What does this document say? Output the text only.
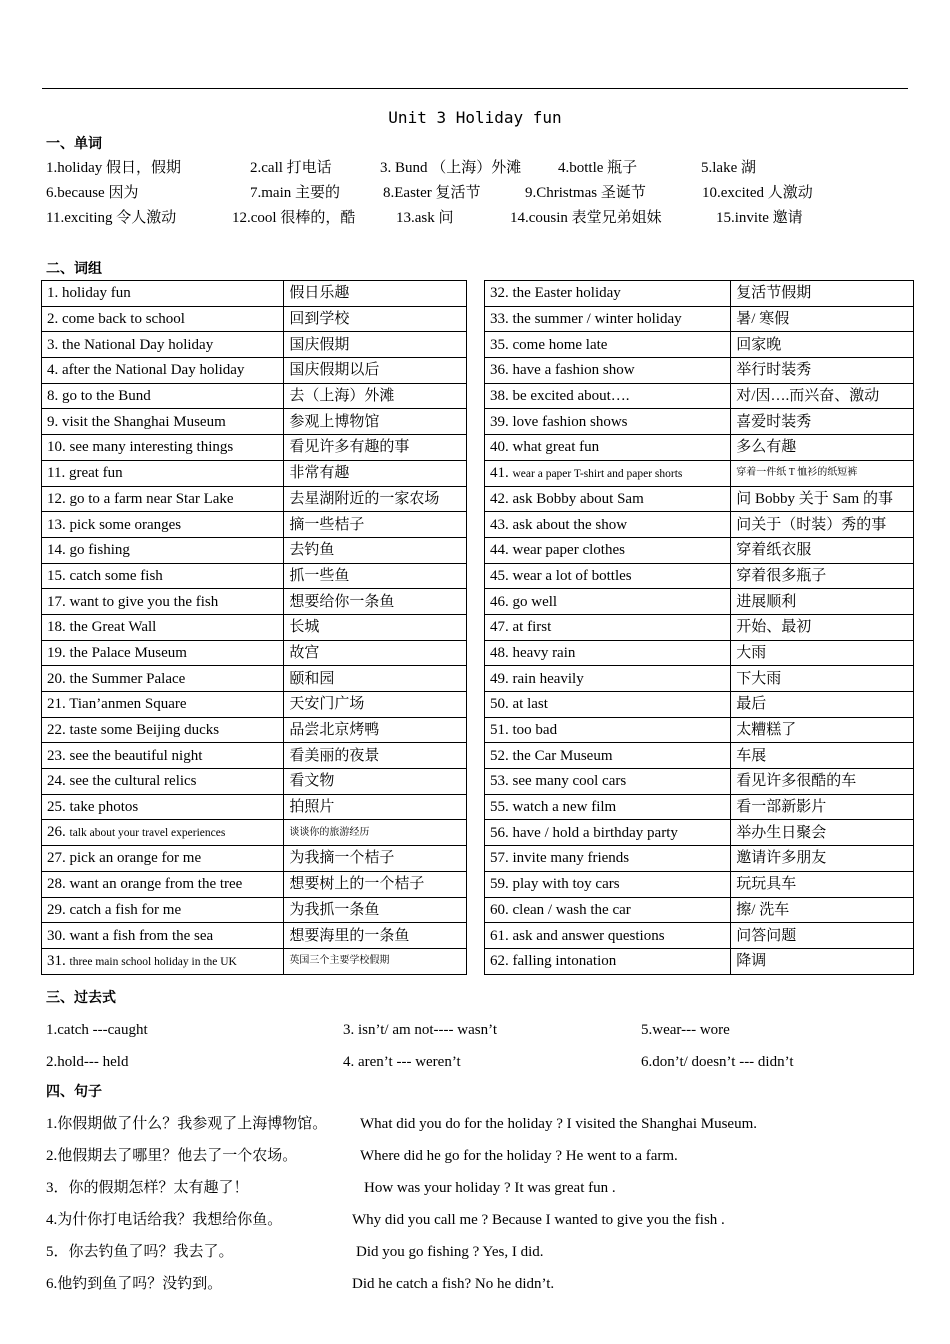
Unit 3 Holiday fun
一、单词
1.holiday 假日，假期	2.call 打电话	3. Bund （上海）外滩 4.bottle 瓶子	5.lake 湖
6.because 因为	7.main 主要的	8.Easter 复活节	9.Christmas 圣诞节	10.excited 人激动
11.exciting 令人激动	12.cool 很棒的，酷	13.ask 问	14.cousin 表堂兄弟姐妹	15.invite 邀请
二、词组
1. holiday fun	假日乐趣
2. come back to school	回到学校
3. the National Day holiday	国庆假期
4. after the National Day holiday	国庆假期以后
8. go to the Bund	去（上海）外滩
9. visit the Shanghai Museum	参观上博物馆
10. see many interesting things	看见许多有趣的事
11. great fun	非常有趣
12. go to a farm near Star Lake	去星湖附近的一家农场
13. pick some oranges	摘一些桔子
14. go fishing	去钓鱼
15. catch some fish	抓一些鱼
17. want to give you the fish	想要给你一条鱼
18. the Great Wall	长城
19. the Palace Museum	故宫
20. the Summer Palace	颐和园
21. Tian’anmen Square	天安门广场
22. taste some Beijing ducks	品尝北京烤鸭
23. see the beautiful night	看美丽的夜景
24. see the cultural relics	看文物
25. take photos	拍照片
26. talk about your travel experiences	谈谈你的旅游经历
27. pick an orange for me	为我摘一个桔子
28. want an orange from the tree	想要树上的一个桔子
29. catch a fish for me	为我抓一条鱼
30. want a fish from the sea	想要海里的一条鱼
31. three main school holiday in the UK	英国三个主要学校假期
32. the Easter holiday	复活节假期
33. the summer / winter holiday	暑/ 寒假
35. come home late	回家晚
36. have a fashion show	举行时装秀
38. be excited about….	对/因….而兴奋、激动
39. love fashion shows	喜爱时装秀
40. what great fun	多么有趣
41. wear a paper T-shirt and paper shorts	穿着一件纸 T 恤衫的纸短裤
42. ask Bobby about Sam	问 Bobby 关于 Sam 的事
43. ask about the show	问关于（时装）秀的事
44. wear paper clothes	穿着纸衣服
45. wear a lot of bottles	穿着很多瓶子
46. go well	进展顺利
47. at first	开始、最初
48. heavy rain	大雨
49. rain heavily	下大雨
50. at last	最后
51. too bad	太糟糕了
52. the Car Museum	车展
53. see many cool cars	看见许多很酷的车
55. watch a new film	看一部新影片
56. have / hold a birthday party	举办生日聚会
57. invite many friends	邀请许多朋友
59. play with toy cars	玩玩具车
60. clean / wash the car	擦/ 洗车
61. ask and answer questions	问答问题
62. falling intonation	降调
三、过去式
1.catch ---caught	3. isn’t/ am not---- wasn’t	5.wear--- wore
2.hold--- held	4. aren’t --- weren’t	6.don’t/ doesn’t --- didn’t
四、句子
1.你假期做了什么？我参观了上海博物馆。 What did you do for the holiday ? I visited the Shanghai Museum.
2.他假期去了哪里？他去了一个农场。	Where did he go for the holiday ? He went to a farm.
3．你的假期怎样？太有趣了！	How was your holiday ? It was great fun .
4.为什你打电话给我？我想给你鱼。	Why did you call me ? Because I wanted to give you the fish .
5．你去钓鱼了吗？我去了。	Did you go fishing ? Yes, I did.
6.他钓到鱼了吗？没钓到。	Did he catch a fish? No he didn’t.
